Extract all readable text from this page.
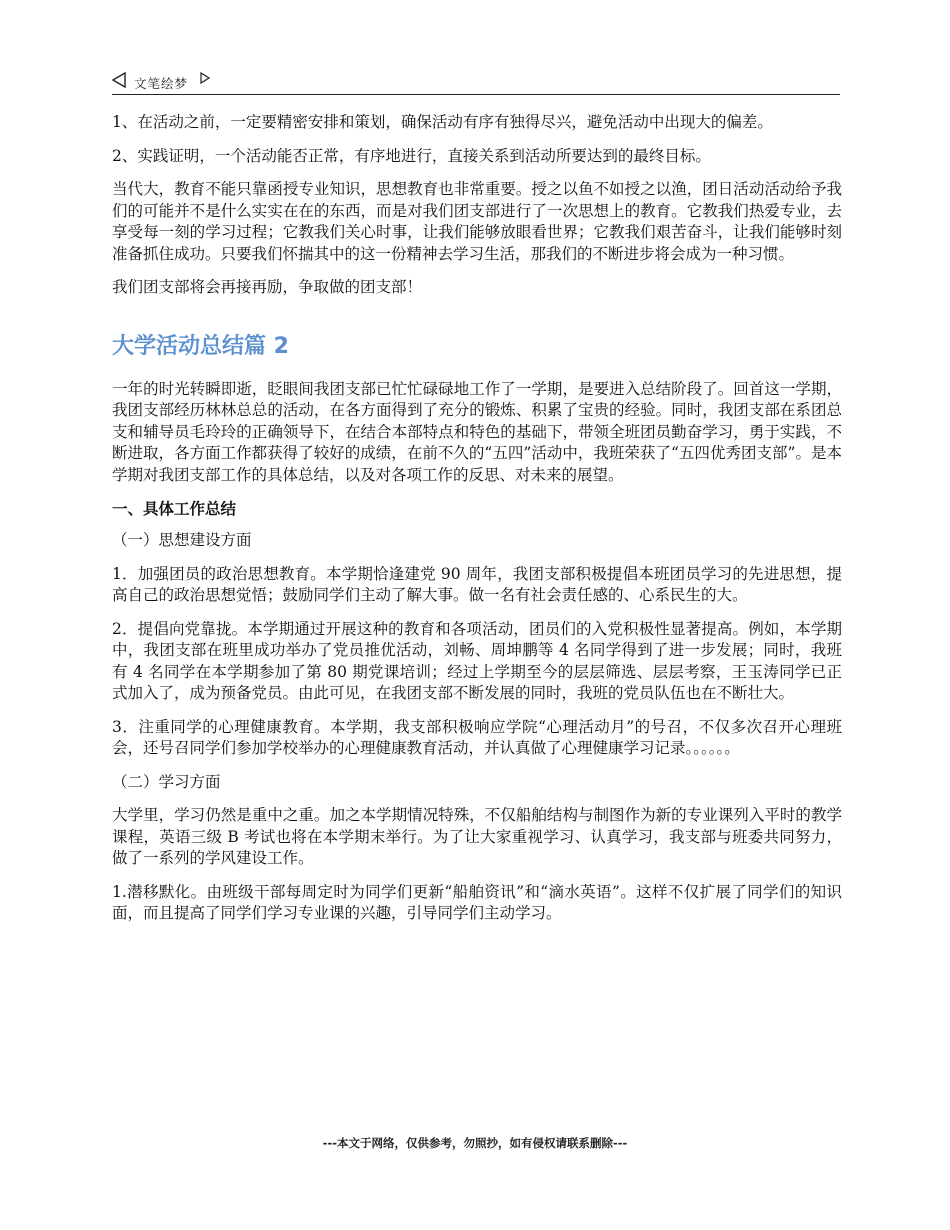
文笔绘梦

1、在活动之前，一定要精密安排和策划，确保活动有序有独得尽兴，避免活动中出现大的偏差。

2、实践证明，一个活动能否正常，有序地进行，直接关系到活动所要达到的最终目标。

当代大，教育不能只靠函授专业知识，思想教育也非常重要。授之以鱼不如授之以渔，团日活动活动给予我们的可能并不是什么实实在在的东西，而是对我们团支部进行了一次思想上的教育。它教我们热爱专业，去享受每一刻的学习过程；它教我们关心时事，让我们能够放眼看世界；它教我们艰苦奋斗，让我们能够时刻准备抓住成功。只要我们怀揣其中的这一份精神去学习生活，那我们的不断进步将会成为一种习惯。

我们团支部将会再接再励，争取做的团支部！

大学活动总结篇 2

一年的时光转瞬即逝，眨眼间我团支部已忙忙碌碌地工作了一学期，是要进入总结阶段了。回首这一学期，我团支部经历林林总总的活动，在各方面得到了充分的锻炼、积累了宝贵的经验。同时，我团支部在系团总支和辅导员毛玲玲的正确领导下，在结合本部特点和特色的基础下，带领全班团员勤奋学习，勇于实践，不断进取，各方面工作都获得了较好的成绩，在前不久的“五四”活动中，我班荣获了“五四优秀团支部”。是本学期对我团支部工作的具体总结，以及对各项工作的反思、对未来的展望。

一、具体工作总结
（一）思想建设方面

1．加强团员的政治思想教育。本学期恰逢建党 90 周年，我团支部积极提倡本班团员学习的先进思想，提高自己的政治思想觉悟；鼓励同学们主动了解大事。做一名有社会责任感的、心系民生的大。

2．提倡向党靠拢。本学期通过开展这种的教育和各项活动，团员们的入党积极性显著提高。例如，本学期中，我团支部在班里成功举办了党员推优活动，刘畅、周坤鹏等 4 名同学得到了进一步发展；同时，我班有 4 名同学在本学期参加了第 80 期党课培训；经过上学期至今的层层筛选、层层考察，王玉涛同学已正式加入了，成为预备党员。由此可见，在我团支部不断发展的同时，我班的党员队伍也在不断壮大。

3．注重同学的心理健康教育。本学期，我支部积极响应学院“心理活动月”的号召，不仅多次召开心理班会，还号召同学们参加学校举办的心理健康教育活动，并认真做了心理健康学习记录。。。。。。

（二）学习方面

大学里，学习仍然是重中之重。加之本学期情况特殊，不仅船舶结构与制图作为新的专业课列入平时的教学课程，英语三级 B 考试也将在本学期末举行。为了让大家重视学习、认真学习，我支部与班委共同努力，做了一系列的学风建设工作。

1.潜移默化。由班级干部每周定时为同学们更新“船舶资讯”和“滴水英语”。这样不仅扩展了同学们的知识面，而且提高了同学们学习专业课的兴趣，引导同学们主动学习。

---本文于网络，仅供参考，勿照抄，如有侵权请联系删除---
